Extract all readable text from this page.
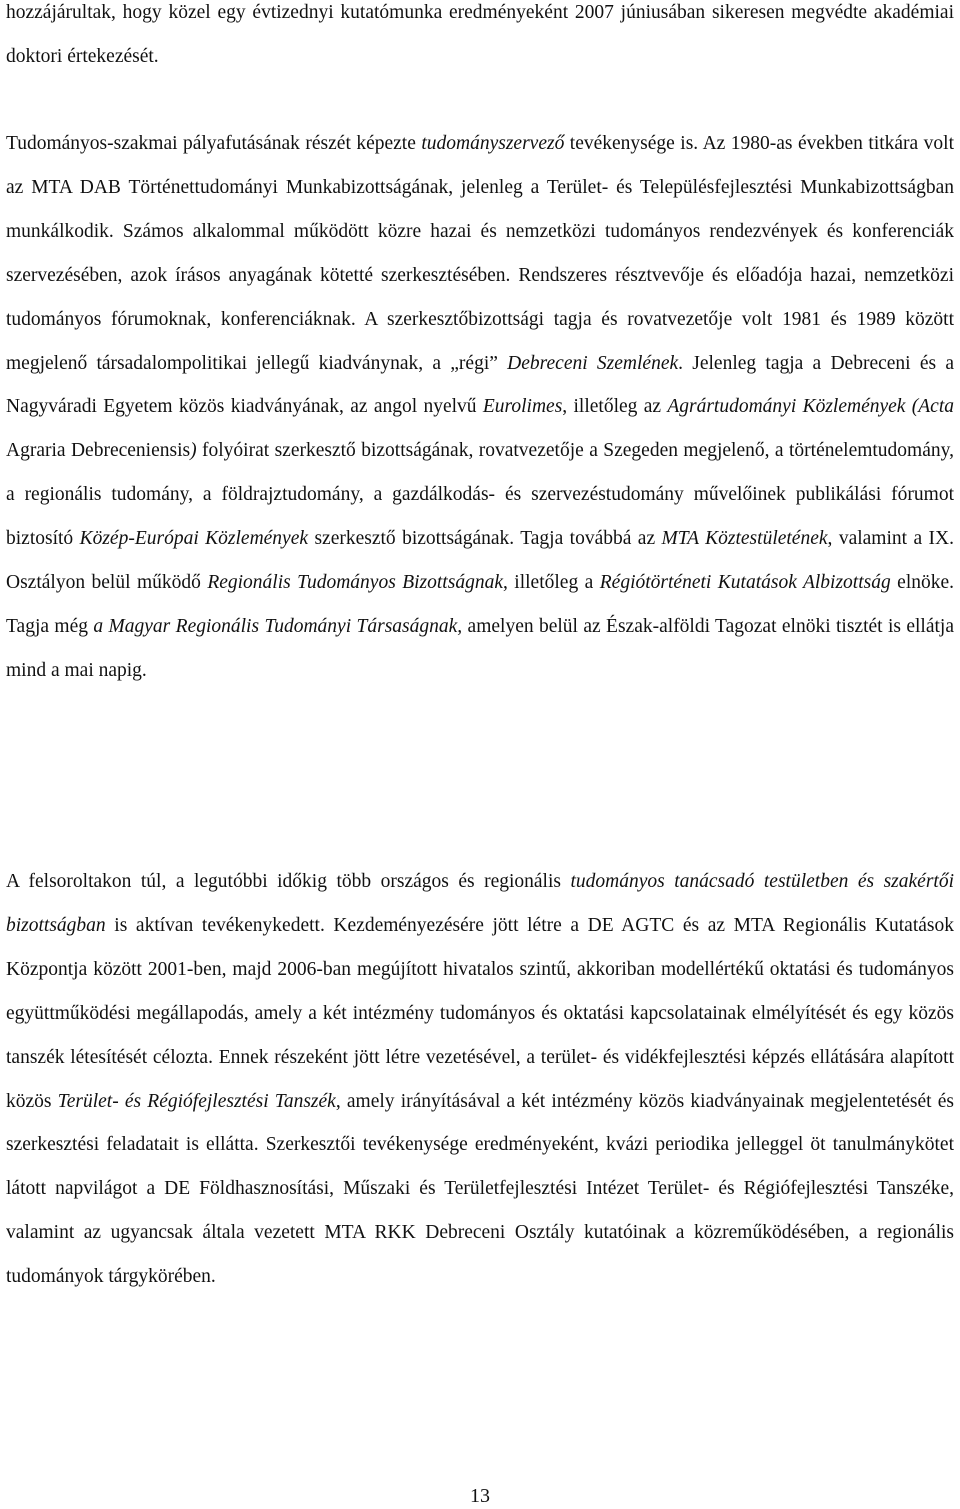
hozzájárultak, hogy közel egy évtizednyi kutatómunka eredményeként 2007 júniusában sikeresen megvédte akadémiai doktori értekezését.

Tudományos-szakmai pályafutásának részét képezte tudományszervező tevékenysége is. Az 1980-as években titkára volt az MTA DAB Történettudományi Munkabizottságának, jelenleg a Terület- és Településfejlesztési Munkabizottságban munkálkodik. Számos alkalommal működött közre hazai és nemzetközi tudományos rendezvények és konferenciák szervezésében, azok írásos anyagának kötetté szerkesztésében. Rendszeres résztvevője és előadója hazai, nemzetközi tudományos fórumoknak, konferenciáknak. A szerkesztőbizottsági tagja és rovatvezetője volt 1981 és 1989 között megjelenő társadalompolitikai jellegű kiadványnak, a „régi” Debreceni Szemlének. Jelenleg tagja a Debreceni és a Nagyváradi Egyetem közös kiadványának, az angol nyelvű Eurolimes, illetőleg az Agrártudományi Közlemények (Acta Agraria Debreceniensis) folyóirat szerkesztő bizottságának, rovatvezetője a Szegeden megjelenő, a történelemtudomány, a regionális tudomány, a földrajztudomány, a gazdálkodás- és szervezéstudomány művelőinek publikálási fórumot biztosító Közép-Európai Közlemények szerkesztő bizottságának. Tagja továbbá az MTA Köztestületének, valamint a IX. Osztályon belül működő Regionális Tudományos Bizottságnak, illetőleg a Régiótörténeti Kutatások Albizottság elnöke. Tagja még a Magyar Regionális Tudományi Társaságnak, amelyen belül az Észak-alföldi Tagozat elnöki tisztét is ellátja mind a mai napig.

A felsoroltakon túl, a legutóbbi időkig több országos és regionális tudományos tanácsadó testületben és szakértői bizottságban is aktívan tevékenykedett. Kezdeményezésére jött létre a DE AGTC és az MTA Regionális Kutatások Központja között 2001-ben, majd 2006-ban megújított hivatalos szintű, akkoriban modellértékű oktatási és tudományos együttműködési megállapodás, amely a két intézmény tudományos és oktatási kapcsolatainak elmélyítését és egy közös tanszék létesítését célozta. Ennek részeként jött létre vezetésével, a terület- és vidékfejlesztési képzés ellátására alapított közös Terület- és Régiófejlesztési Tanszék, amely irányításával a két intézmény közös kiadványainak megjelentetését és szerkesztési feladatait is ellátta. Szerkesztői tevékenysége eredményeként, kvázi periodika jelleggel öt tanulmánykötet látott napvilágot a DE Földhasznosítási, Műszaki és Területfejlesztési Intézet Terület- és Régiófejlesztési Tanszéke, valamint az ugyancsak általa vezetett MTA RKK Debreceni Osztály kutatóinak a közreműködésében, a regionális tudományok tárgykörében.

13
